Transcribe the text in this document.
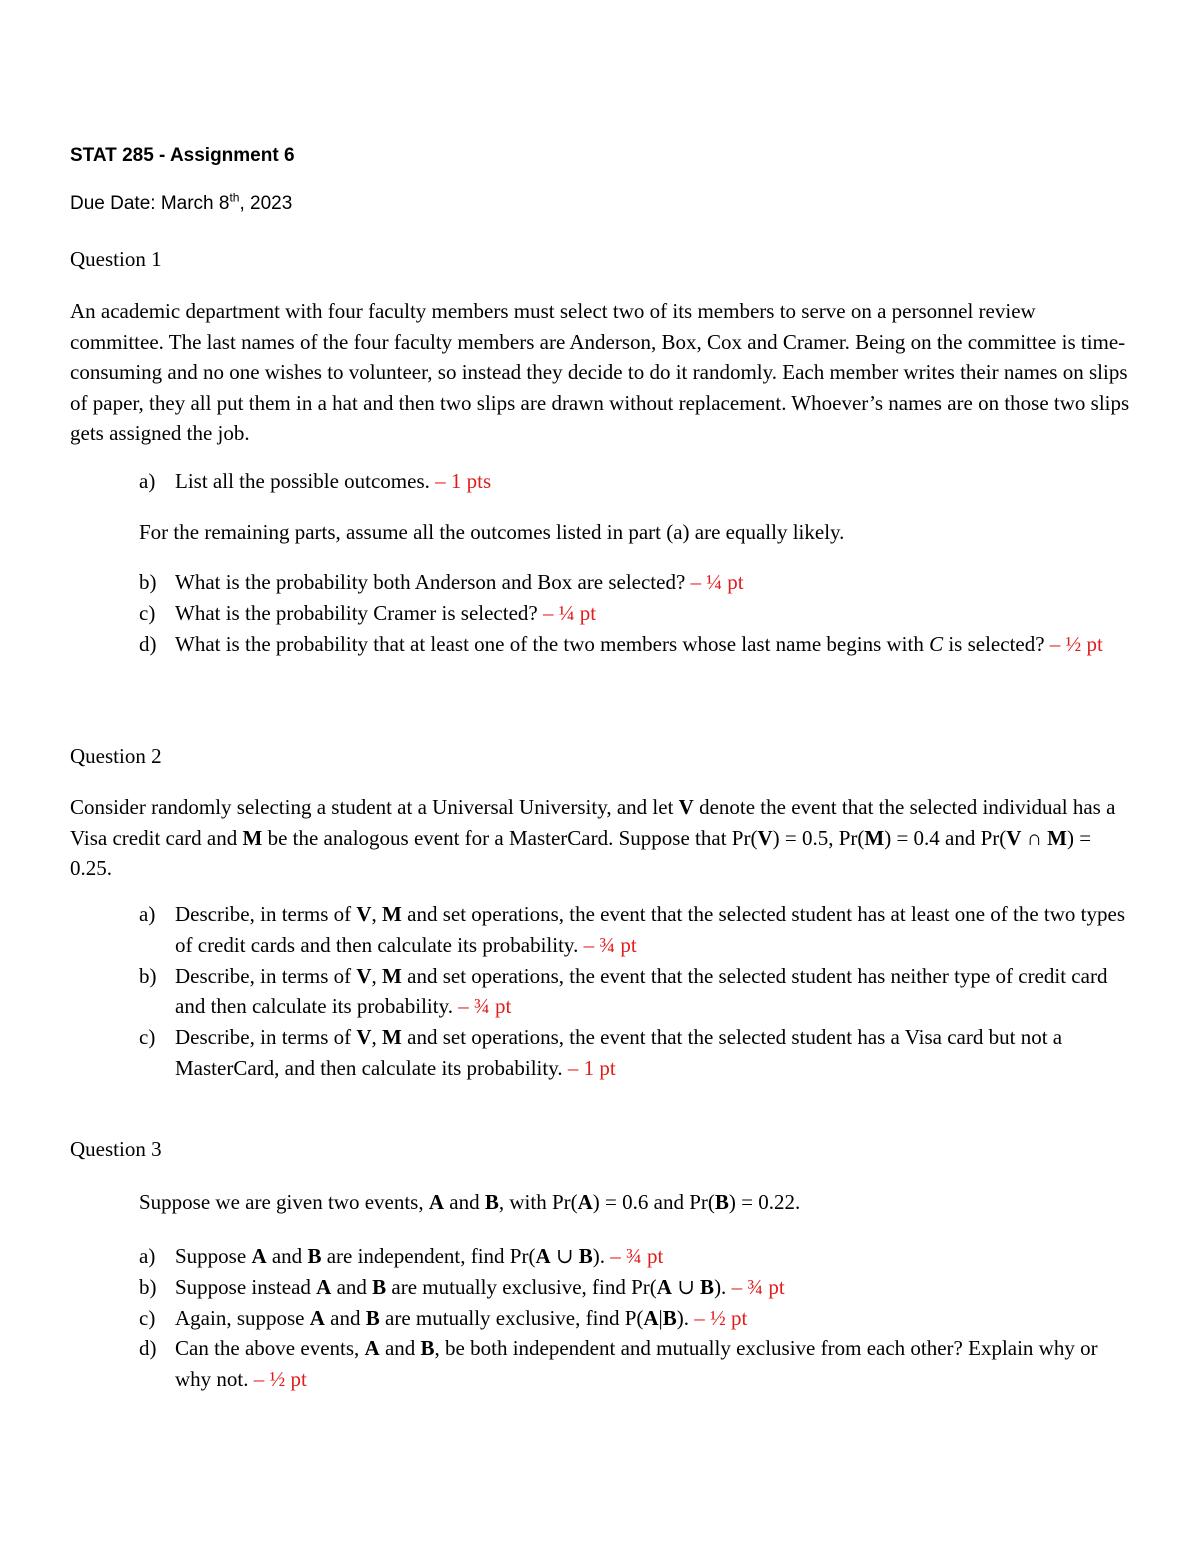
STAT 285 - Assignment 6
Due Date: March 8th, 2023
Question 1
An academic department with four faculty members must select two of its members to serve on a personnel review committee. The last names of the four faculty members are Anderson, Box, Cox and Cramer. Being on the committee is time-consuming and no one wishes to volunteer, so instead they decide to do it randomly. Each member writes their names on slips of paper, they all put them in a hat and then two slips are drawn without replacement. Whoever’s names are on those two slips gets assigned the job.
a) List all the possible outcomes. – 1 pts
For the remaining parts, assume all the outcomes listed in part (a) are equally likely.
b) What is the probability both Anderson and Box are selected? – ¼ pt
c) What is the probability Cramer is selected? – ¼ pt
d) What is the probability that at least one of the two members whose last name begins with C is selected? – ½ pt
Question 2
Consider randomly selecting a student at a Universal University, and let V denote the event that the selected individual has a Visa credit card and M be the analogous event for a MasterCard. Suppose that Pr(V) = 0.5, Pr(M) = 0.4 and Pr(V ∩ M) = 0.25.
a) Describe, in terms of V, M and set operations, the event that the selected student has at least one of the two types of credit cards and then calculate its probability. – ¾ pt
b) Describe, in terms of V, M and set operations, the event that the selected student has neither type of credit card and then calculate its probability. – ¾ pt
c) Describe, in terms of V, M and set operations, the event that the selected student has a Visa card but not a MasterCard, and then calculate its probability. – 1 pt
Question 3
Suppose we are given two events, A and B, with Pr(A) = 0.6 and Pr(B) = 0.22.
a) Suppose A and B are independent, find Pr(A ∪ B). – ¾ pt
b) Suppose instead A and B are mutually exclusive, find Pr(A ∪ B). – ¾ pt
c) Again, suppose A and B are mutually exclusive, find P(A|B). – ½ pt
d) Can the above events, A and B, be both independent and mutually exclusive from each other? Explain why or why not. – ½ pt
